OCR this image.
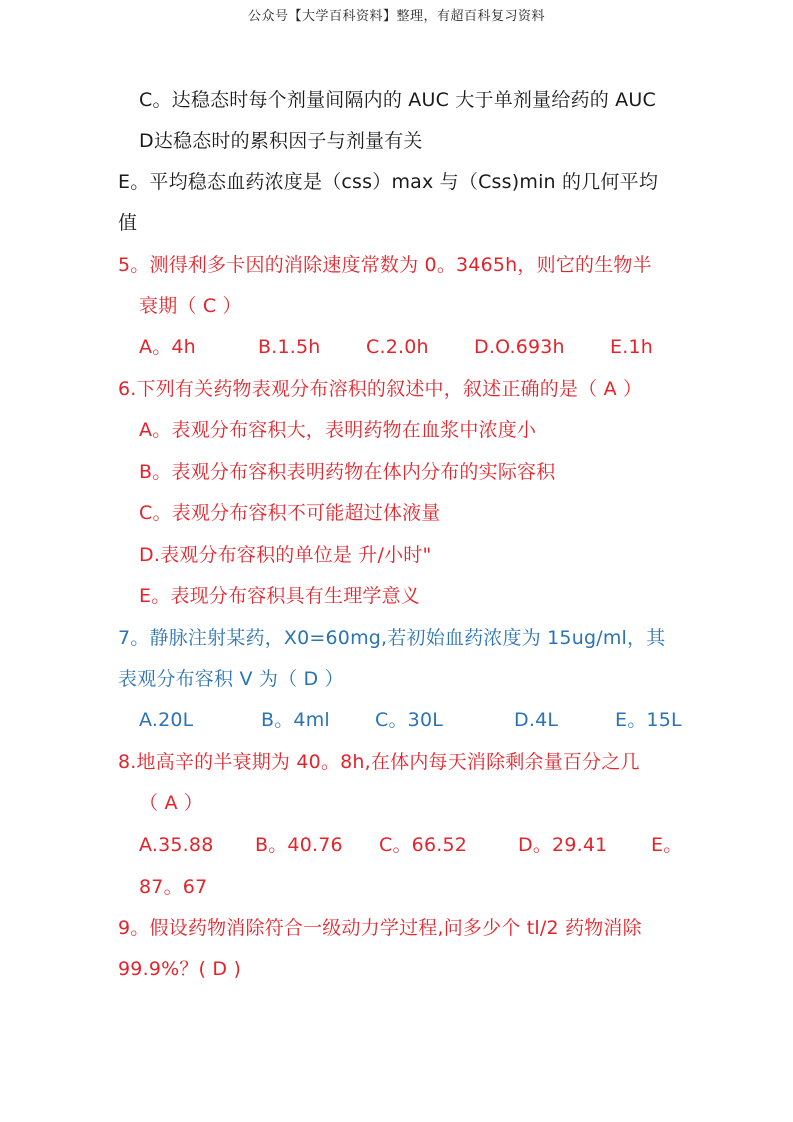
公众号【大学百科资料】整理，有超百科复习资料
C。达稳态时每个剂量间隔内的 AUC 大于单剂量给药的 AUC
D达稳态时的累积因子与剂量有关
E。平均稳态血药浓度是（css）max 与（Css)min 的几何平均
值
5。测得利多卡因的消除速度常数为 0。3465h，则它的生物半
衰期（ C ）
A。4h	B.1.5h C.2.0h D.O.693h E.1h
6.下列有关药物表观分布溶积的叙述中，叙述正确的是（ A ）
A。表观分布容积大，表明药物在血浆中浓度小
B。表观分布容积表明药物在体内分布的实际容积
C。表观分布容积不可能超过体液量
D.表观分布容积的单位是 升/小时"
E。表现分布容积具有生理学意义
7。静脉注射某药，X0=60mg,若初始血药浓度为 15ug/ml，其
表观分布容积 V 为（ D ）
A.20L	B。4ml C。30L	D.4L	E。15L
8.地高辛的半衰期为 40。8h,在体内每天消除剩余量百分之几
（ A ）
A.35.88 B。40.76 C。66.52	D。29.41 E。
87。67
9。假设药物消除符合一级动力学过程,问多少个 tl/2 药物消除
99.9%？( D )
